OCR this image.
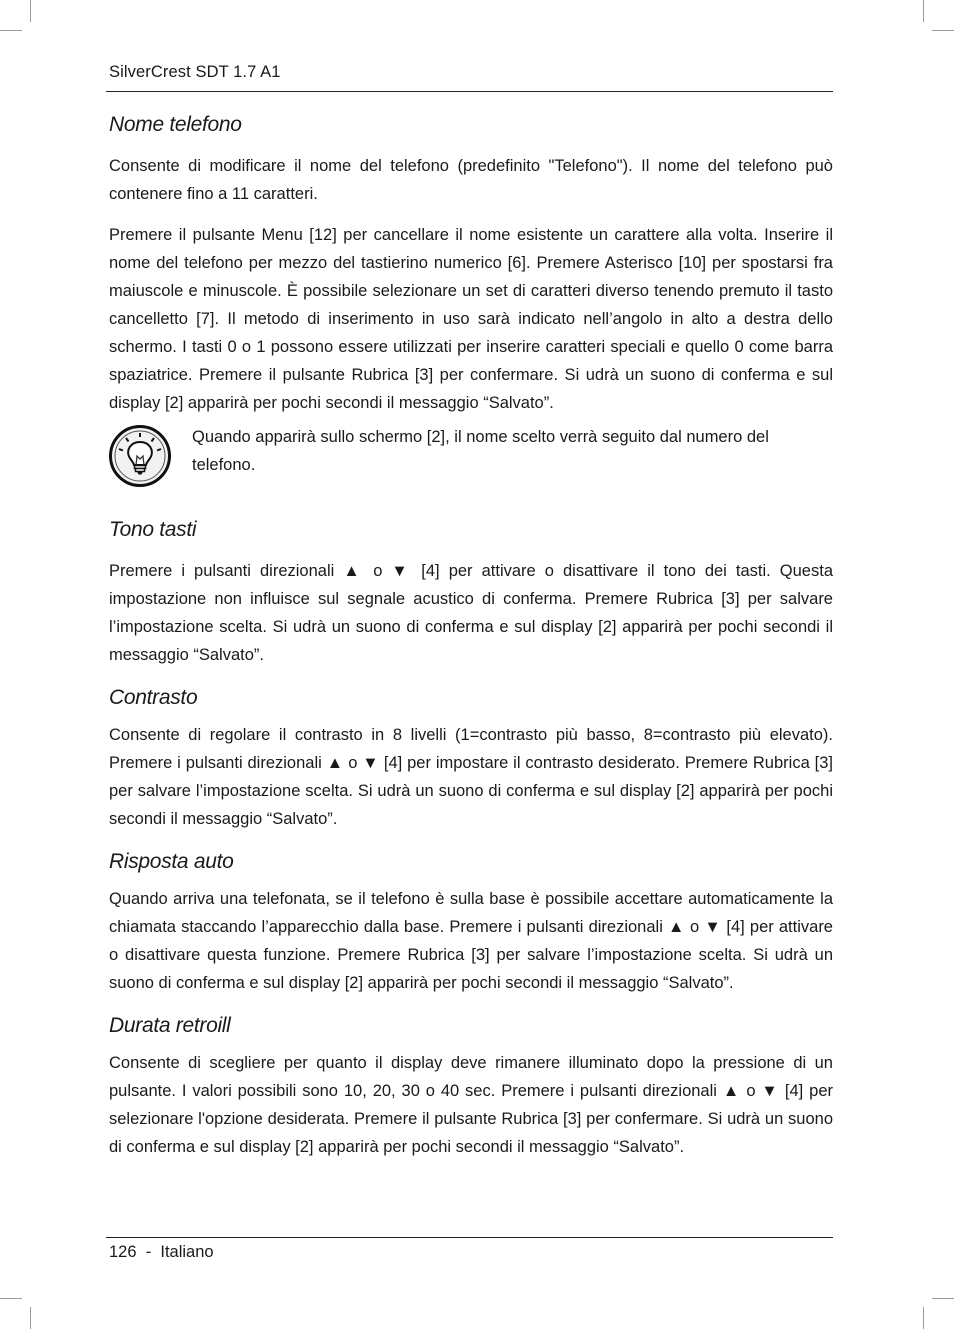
SilverCrest SDT 1.7 A1
Nome telefono

Consente di modificare il nome del telefono (predefinito "Telefono"). Il nome del telefono può contenere fino a 11 caratteri.

Premere il pulsante Menu [12] per cancellare il nome esistente un carattere alla volta. Inserire il nome del telefono per mezzo del tastierino numerico [6]. Premere Asterisco [10] per spostarsi fra maiuscole e minuscole. È possibile selezionare un set di caratteri diverso tenendo premuto il tasto cancelletto [7]. Il metodo di inserimento in uso sarà indicato nell’angolo in alto a destra dello schermo. I tasti 0 o 1 possono essere utilizzati per inserire caratteri speciali e quello 0 come barra spaziatrice. Premere il pulsante Rubrica [3] per confermare. Si udrà un suono di conferma e sul display [2] apparirà per pochi secondi il messaggio “Salvato”.

Quando apparirà sullo schermo [2], il nome scelto verrà seguito dal numero del telefono.
Tono tasti

Premere i pulsanti direzionali ▲ o ▼ [4] per attivare o disattivare il tono dei tasti. Questa impostazione non influisce sul segnale acustico di conferma. Premere Rubrica [3] per salvare l’impostazione scelta. Si udrà un suono di conferma e sul display [2] apparirà per pochi secondi il messaggio “Salvato”.

Contrasto

Consente di regolare il contrasto in 8 livelli (1=contrasto più basso, 8=contrasto più elevato). Premere i pulsanti direzionali ▲ o ▼ [4] per impostare il contrasto desiderato. Premere Rubrica [3] per salvare l’impostazione scelta. Si udrà un suono di conferma e sul display [2] apparirà per pochi secondi il messaggio “Salvato”.

Risposta auto

Quando arriva una telefonata, se il telefono è sulla base è possibile accettare automaticamente la chiamata staccando l’apparecchio dalla base. Premere i pulsanti direzionali ▲ o ▼ [4] per attivare o disattivare questa funzione. Premere Rubrica [3] per salvare l’impostazione scelta. Si udrà un suono di conferma e sul display [2] apparirà per pochi secondi il messaggio “Salvato”.

Durata retroill

Consente di scegliere per quanto il display deve rimanere illuminato dopo la pressione di un pulsante. I valori possibili sono 10, 20, 30 o 40 sec. Premere i pulsanti direzionali ▲ o ▼ [4] per selezionare l'opzione desiderata. Premere il pulsante Rubrica [3] per confermare. Si udrà un suono di conferma e sul display [2] apparirà per pochi secondi il messaggio “Salvato”.

126  -  Italiano
